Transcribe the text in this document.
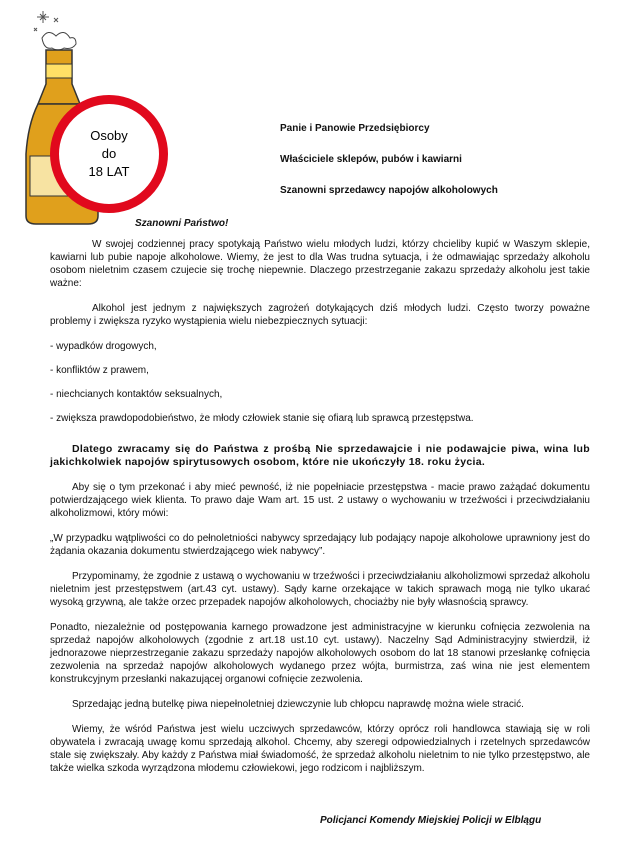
Osoby
do
18 LAT
Panie i Panowie Przedsiębiorcy
Właściciele sklepów, pubów i kawiarni
Szanowni sprzedawcy napojów alkoholowych
Szanowni Państwo!

W swojej codziennej pracy spotykają Państwo wielu młodych ludzi, którzy chcieliby kupić w Waszym sklepie, kawiarni lub pubie napoje alkoholowe. Wiemy, że jest to dla Was trudna sytuacja, i że odmawiając sprzedaży alkoholu osobom nieletnim czasem czujecie się trochę niepewnie. Dlaczego przestrzeganie zakazu sprzedaży alkoholu jest takie ważne:

Alkohol jest jednym z największych zagrożeń dotykających dziś młodych ludzi. Często tworzy poważne problemy i zwiększa ryzyko wystąpienia wielu niebezpiecznych sytuacji:

- wypadków drogowych,

- konfliktów z prawem,

- niechcianych kontaktów seksualnych,

- zwiększa prawdopodobieństwo, że młody człowiek stanie się ofiarą lub sprawcą przestępstwa.

Dlatego zwracamy się do Państwa z prośbą Nie sprzedawajcie i nie podawajcie piwa, wina lub jakichkolwiek napojów spirytusowych osobom, które nie ukończyły 18. roku życia.

Aby się o tym przekonać i aby mieć pewność, iż nie popełniacie przestępstwa - macie prawo zażądać dokumentu potwierdzającego wiek klienta. To prawo daje Wam art. 15 ust. 2 ustawy o wychowaniu w trzeźwości i przeciwdziałaniu alkoholizmowi, który mówi:

„W przypadku wątpliwości co do pełnoletniości nabywcy sprzedający lub podający napoje alkoholowe uprawniony jest do żądania okazania dokumentu stwierdzającego wiek nabywcy”.

Przypominamy, że zgodnie z ustawą o wychowaniu w trzeźwości i przeciwdziałaniu alkoholizmowi sprzedaż alkoholu nieletnim jest przestępstwem (art.43 cyt. ustawy). Sądy karne orzekające w takich sprawach mogą nie tylko ukarać wysoką grzywną, ale także orzec przepadek napojów alkoholowych, chociażby nie były własnością sprawcy.

Ponadto, niezależnie od postępowania karnego prowadzone jest administracyjne w kierunku cofnięcia zezwolenia na sprzedaż napojów alkoholowych (zgodnie z art.18 ust.10 cyt. ustawy). Naczelny Sąd Administracyjny stwierdził, iż jednorazowe nieprzestrzeganie zakazu sprzedaży napojów alkoholowych osobom do lat 18 stanowi przesłankę cofnięcia zezwolenia na sprzedaż napojów alkoholowych wydanego przez wójta, burmistrza, zaś wina nie jest elementem konstrukcyjnym przesłanki nakazującej organowi cofnięcie zezwolenia.

Sprzedając jedną butelkę piwa niepełnoletniej dziewczynie lub chłopcu naprawdę można wiele stracić.

Wiemy, że wśród Państwa jest wielu uczciwych sprzedawców, którzy oprócz roli handlowca stawiają się w roli obywatela i zwracają uwagę komu sprzedają alkohol. Chcemy, aby szeregi odpowiedzialnych i rzetelnych sprzedawców stale się zwiększały. Aby każdy z Państwa miał świadomość, że sprzedaż alkoholu nieletnim to nie tylko przestępstwo, ale także wielka szkoda wyrządzona młodemu człowiekowi, jego rodzicom i najbliższym.

Policjanci Komendy Miejskiej Policji w Elblągu
